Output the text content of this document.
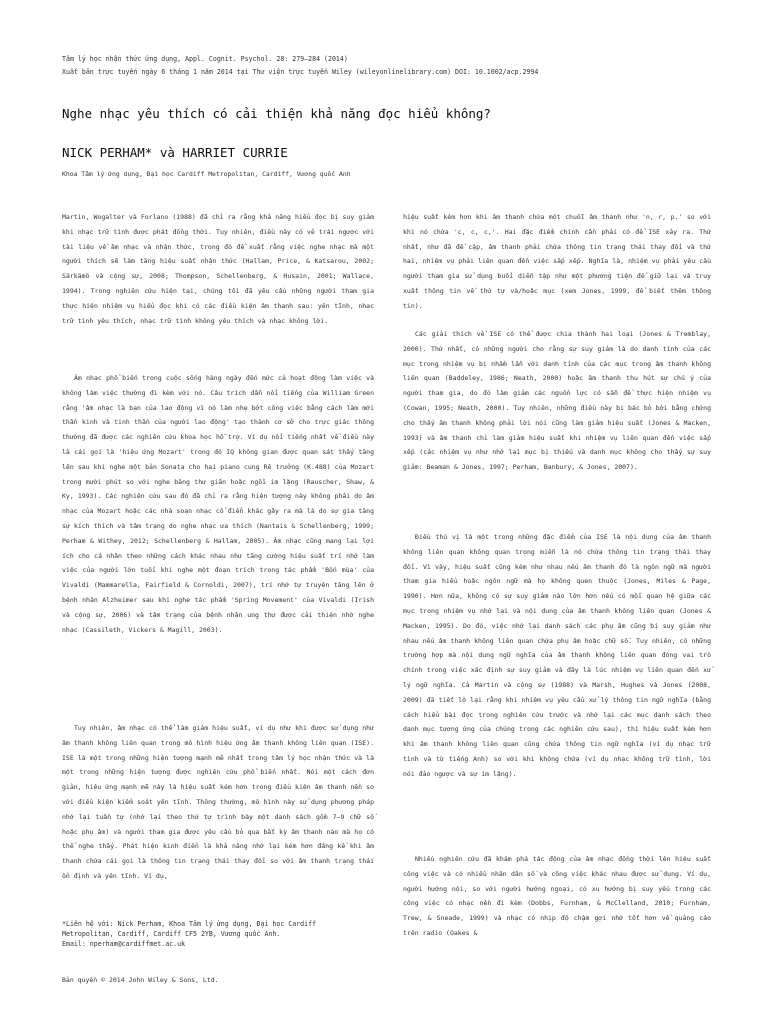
Tâm lý học nhận thức ứng dụng, Appl. Cognit. Psychol. 28: 279–284 (2014)
Xuất bản trực tuyến ngày 6 tháng 1 năm 2014 tại Thư viện trực tuyến Wiley (wileyonlinelibrary.com) DOI: 10.1002/acp.2994
Nghe nhạc yêu thích có cải thiện khả năng đọc hiểu không?
NICK PERHAM* và HARRIET CURRIE
Khoa Tâm lý ứng dụng, Đại học Cardiff Metropolitan, Cardiff, Vương quốc Anh
Martin, Wogalter và Forlano (1988) đã chỉ ra rằng khả năng hiểu đọc bị suy giảm khi nhạc trữ tình được phát đồng thời. Tuy nhiên, điều này có vẻ trái ngược với tài liệu về âm nhạc và nhận thức, trong đó đề xuất rằng việc nghe nhạc mà một người thích sẽ làm tăng hiệu suất nhận thức (Hallam, Price, & Katsarou, 2002; Särkämö và cộng sự, 2008; Thompson, Schellenberg, & Husain, 2001; Wallace, 1994). Trong nghiên cứu hiện tại, chúng tôi đã yêu cầu những người tham gia thực hiện nhiệm vụ hiểu đọc khi có các điều kiện âm thanh sau: yên tĩnh, nhạc trữ tình yêu thích, nhạc trữ tình không yêu thích và nhạc không lời.
Âm nhạc phổ biến trong cuộc sống hàng ngày đến mức cả hoạt động làm việc và không làm việc thường đi kèm với nó. Câu trích dẫn nổi tiếng của William Green rằng 'âm nhạc là bạn của lao động vì nó làm nhẹ bớt công việc bằng cách làm mới thần kinh và tinh thần của người lao động' tạo thành cơ sở cho trực giác thông thường đã được các nghiên cứu khoa học hỗ trợ. Ví dụ nổi tiếng nhất về điều này là cái gọi là 'hiệu ứng Mozart' trong đó IQ không gian được quan sát thấy tăng lên sau khi nghe một bản Sonata cho hai piano cung Rê trưởng (K.488) của Mozart trong mười phút so với nghe băng thư giãn hoặc ngồi im lặng (Rauscher, Shaw, & Ky, 1993). Các nghiên cứu sau đó đã chỉ ra rằng hiện tượng này không phải do âm nhạc của Mozart hoặc các nhà soạn nhạc cổ điển khác gây ra mà là do sự gia tăng sự kích thích và tâm trạng do nghe nhạc ưa thích (Nantais & Schellenberg, 1999; Perham & Withey, 2012; Schellenberg & Hallam, 2005). Âm nhạc cũng mang lại lợi ích cho cá nhân theo những cách khác nhau như tăng cường hiệu suất trí nhớ làm việc của người lớn tuổi khi nghe một đoạn trích trong tác phẩm 'Bốn mùa' của Vivaldi (Mammarella, Fairfield & Cornoldi, 2007), trí nhớ tự truyện tăng lên ở bệnh nhân Alzheimer sau khi nghe tác phẩm 'Spring Movement' của Vivaldi (Irish và cộng sự, 2006) và tâm trạng của bệnh nhân ung thư được cải thiện nhờ nghe nhạc (Cassileth, Vickers & Magill, 2003).
Tuy nhiên, âm nhạc có thể làm giảm hiệu suất, ví dụ như khi được sử dụng như âm thanh không liên quan trong mô hình hiệu ứng âm thanh không liên quan (ISE). ISE là một trong những hiện tượng mạnh mẽ nhất trong tâm lý học nhận thức và là một trong những hiện tượng được nghiên cứu phổ biến nhất. Nói một cách đơn giản, hiệu ứng mạnh mẽ này là hiệu suất kém hơn trong điều kiện âm thanh nền so với điều kiện kiểm soát yên tĩnh. Thông thường, mô hình này sử dụng phương pháp nhớ lại tuần tự (nhớ lại theo thứ tự trình bày một danh sách gồm 7–9 chữ số hoặc phụ âm) và người tham gia được yêu cầu bỏ qua bất kỳ âm thanh nào mà họ có thể nghe thấy. Phát hiện kinh điển là khả năng nhớ lại kém hơn đáng kể khi âm thanh chứa cái gọi là thông tin trạng thái thay đổi so với âm thanh trạng thái ổn định và yên tĩnh. Ví dụ,
hiệu suất kém hơn khi âm thanh chứa một chuỗi âm thanh như 'n, r, p.' so với khi nó chứa 'c, c, c,'. Hai đặc điểm chính cần phải có để ISE xảy ra. Thứ nhất, như đã đề cập, âm thanh phải chứa thông tin trạng thái thay đổi và thứ hai, nhiệm vụ phải liên quan đến việc sắp xếp. Nghĩa là, nhiệm vụ phải yêu cầu người tham gia sử dụng buổi diễn tập như một phương tiện để giữ lại và truy xuất thông tin về thứ tự và/hoặc mục (xem Jones, 1999, để biết thêm thông tin).
Các giải thích về ISE có thể được chia thành hai loại (Jones & Tremblay, 2000). Thứ nhất, có những người cho rằng sự suy giảm là do danh tính của các mục trong nhiệm vụ bị nhầm lẫn với danh tính của các mục trong âm thanh không liên quan (Baddeley, 1986; Neath, 2000) hoặc âm thanh thu hút sự chú ý của người tham gia, do đó làm giảm các nguồn lực có sẵn để thực hiện nhiệm vụ (Cowan, 1995; Neath, 2000). Tuy nhiên, những điều này bị bác bỏ bởi bằng chứng cho thấy âm thanh không phải lời nói cũng làm giảm hiệu suất (Jones & Macken, 1993) và âm thanh chỉ làm giảm hiệu suất khi nhiệm vụ liên quan đến việc sắp xếp (các nhiệm vụ như nhớ lại mục bị thiếu và danh mục không cho thấy sự suy giảm: Beaman & Jones, 1997; Perham, Banbury, & Jones, 2007).
Điều thú vị là một trong những đặc điểm của ISE là nội dung của âm thanh không liên quan không quan trọng miễn là nó chứa thông tin trạng thái thay đổi. Vì vậy, hiệu suất cũng kém như nhau nếu âm thanh đó là ngôn ngữ mà người tham gia hiểu hoặc ngôn ngữ mà họ không quen thuộc (Jones, Miles & Page, 1990). Hơn nữa, không có sự suy giảm nào lớn hơn nếu có mối quan hệ giữa các mục trong nhiệm vụ nhớ lại và nội dung của âm thanh không liên quan (Jones & Macken, 1995). Do đó, việc nhớ lại danh sách các phụ âm cũng bị suy giảm như nhau nếu âm thanh không liên quan chứa phụ âm hoặc chữ số. Tuy nhiên, có những trường hợp mà nội dung ngữ nghĩa của âm thanh không liên quan đóng vai trò chính trong việc xác định sự suy giảm và đây là lúc nhiệm vụ liên quan đến xử lý ngữ nghĩa. Cả Martin và cộng sự (1988) và Marsh, Hughes và Jones (2008, 2009) đã tiết lộ lại rằng khi nhiệm vụ yêu cầu xử lý thông tin ngữ nghĩa (bằng cách hiểu bài đọc trong nghiên cứu trước và nhớ lại các mục danh sách theo danh mục tương ứng của chúng trong các nghiên cứu sau), thì hiệu suất kém hơn khi âm thanh không liên quan cũng chứa thông tin ngữ nghĩa (ví dụ nhạc trữ tình và từ tiếng Anh) so với khi không chứa (ví dụ nhạc không trữ tình, lời nói đảo ngược và sự im lặng).
Nhiều nghiên cứu đã khám phá tác động của âm nhạc đồng thời lên hiệu suất công việc và có nhiều nhân dân số và công việc khác nhau được sử dụng. Ví dụ, người hướng nội, so với người hướng ngoại, có xu hướng bị suy yếu trong các công việc có nhạc nền đi kèm (Dobbs, Furnham, & McClelland, 2010; Furnham, Trew, & Sneade, 1999) và nhạc có nhịp độ chậm gợi nhớ tốt hơn về quảng cáo trên radio (Oakes &
*Liên hệ với: Nick Perham, Khoa Tâm lý ứng dụng, Đại học Cardiff Metropolitan, Cardiff, Cardiff CF5 2YB, Vương quốc Anh.
Email: nperham@cardiffmet.ac.uk
Bản quyền © 2014 John Wiley & Sons, Ltd.
